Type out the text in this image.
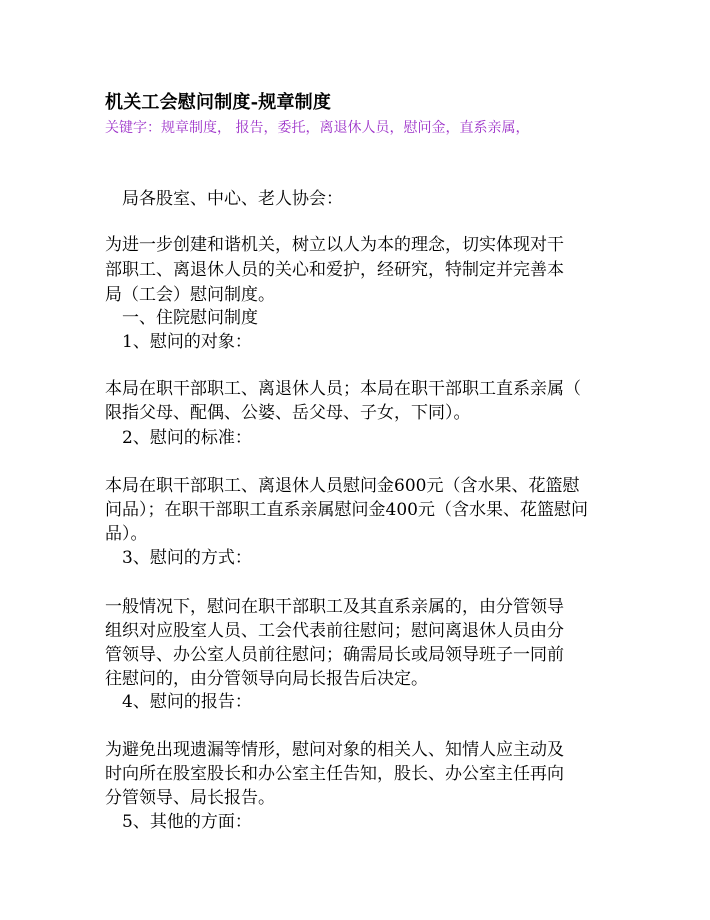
机关工会慰问制度-规章制度
关键字：规章制度， 报告，委托，离退休人员，慰问金，直系亲属，
局各股室、中心、老人协会：
为进一步创建和谐机关，树立以人为本的理念，切实体现对干
部职工、离退休人员的关心和爱护，经研究，特制定并完善本
局（工会）慰问制度。
一、住院慰问制度
1、慰问的对象：
本局在职干部职工、离退休人员；本局在职干部职工直系亲属（
限指父母、配偶、公婆、岳父母、子女，下同）。
2、慰问的标准：
本局在职干部职工、离退休人员慰问金600元（含水果、花篮慰
问品）；在职干部职工直系亲属慰问金400元（含水果、花篮慰问
品）。
3、慰问的方式：
一般情况下，慰问在职干部职工及其直系亲属的，由分管领导
组织对应股室人员、工会代表前往慰问；慰问离退休人员由分
管领导、办公室人员前往慰问；确需局长或局领导班子一同前
往慰问的，由分管领导向局长报告后决定。
4、慰问的报告：
为避免出现遗漏等情形，慰问对象的相关人、知情人应主动及
时向所在股室股长和办公室主任告知，股长、办公室主任再向
分管领导、局长报告。
5、其他的方面：
